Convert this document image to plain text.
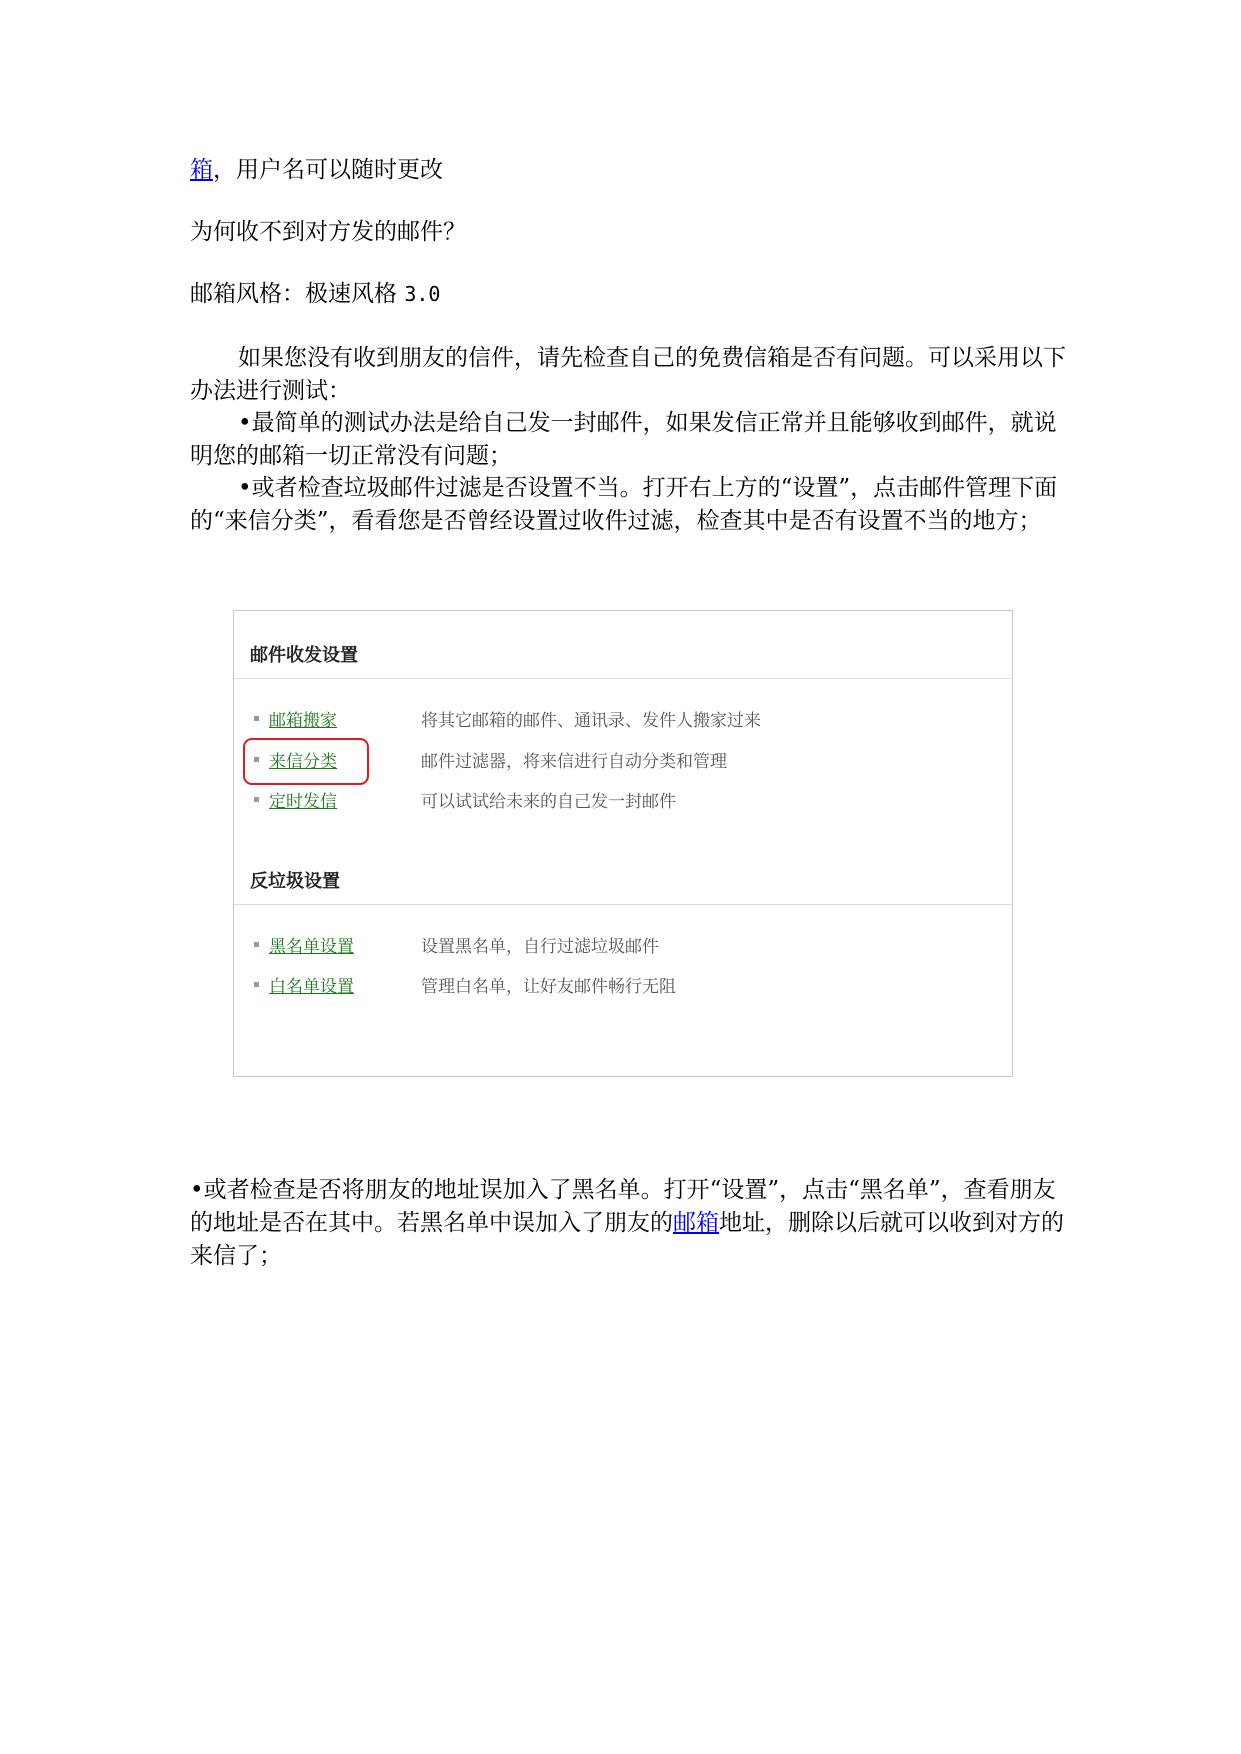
箱，用户名可以随时更改

为何收不到对方发的邮件？

邮箱风格：极速风格 3.0

如果您没有收到朋友的信件，请先检查自己的免费信箱是否有问题。可以采用以下办法进行测试：

•最简单的测试办法是给自己发一封邮件，如果发信正常并且能够收到邮件，就说明您的邮箱一切正常没有问题；

•或者检查垃圾邮件过滤是否设置不当。打开右上方的“设置”，点击邮件管理下面的“来信分类”，看看您是否曾经设置过收件过滤，检查其中是否有设置不当的地方；

•或者检查是否将朋友的地址误加入了黑名单。打开“设置”，点击“黑名单”，查看朋友的地址是否在其中。若黑名单中误加入了朋友的邮箱地址，删除以后就可以收到对方的来信了；

邮件收发设置
邮箱搬家	将其它邮箱的邮件、通讯录、发件人搬家过来
来信分类	邮件过滤器，将来信进行自动分类和管理
定时发信	可以试试给未来的自己发一封邮件
反垃圾设置
黑名单设置	设置黑名单，自行过滤垃圾邮件
白名单设置	管理白名单，让好友邮件畅行无阻
